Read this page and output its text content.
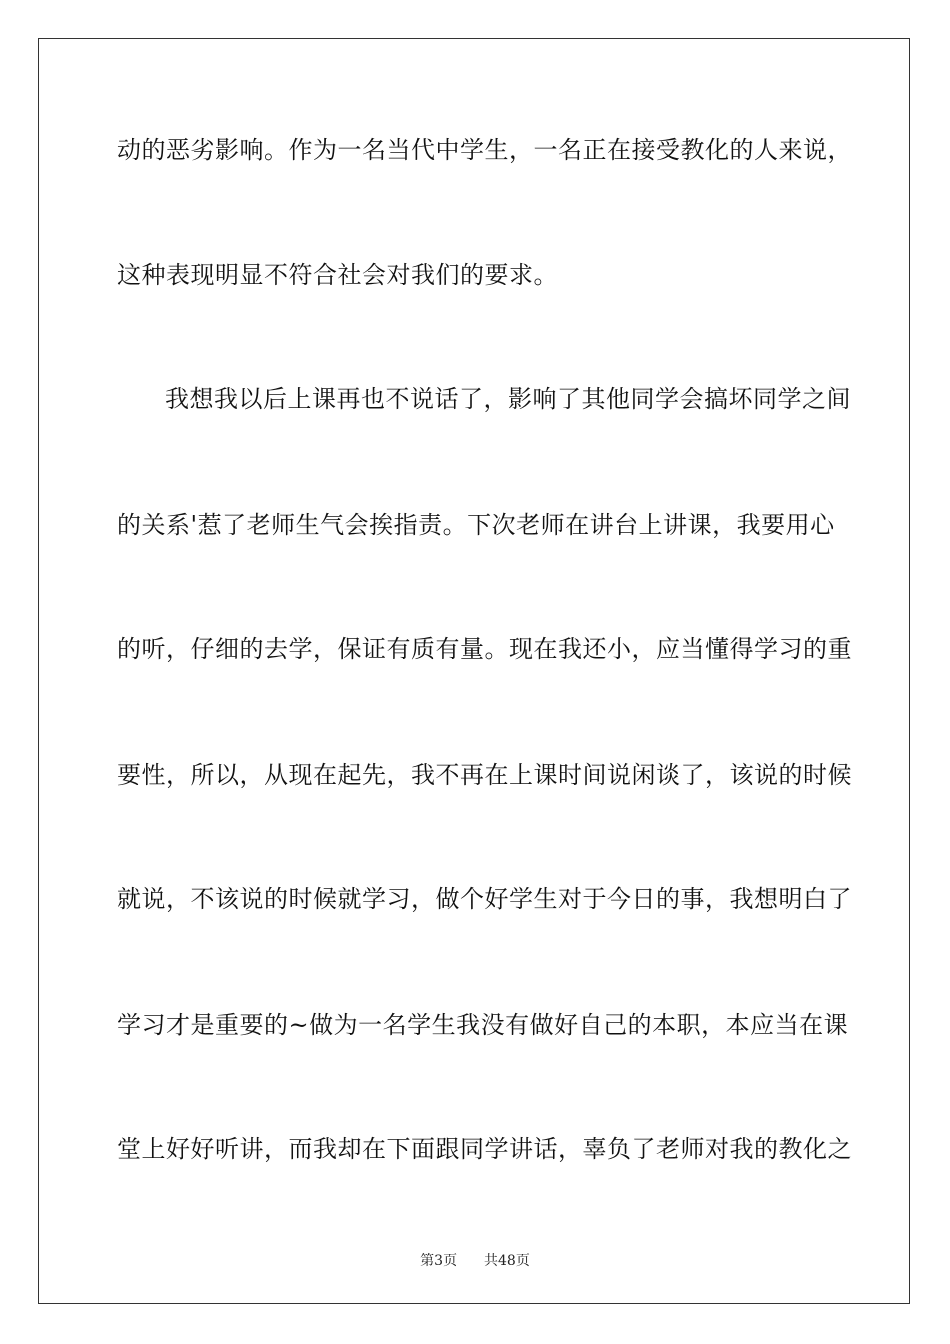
动的恶劣影响。作为一名当代中学生，一名正在接受教化的人来说，
这种表现明显不符合社会对我们的要求。
我想我以后上课再也不说话了，影响了其他同学会搞坏同学之间
的关系'惹了老师生气会挨指责。下次老师在讲台上讲课，我要用心
的听，仔细的去学，保证有质有量。现在我还小，应当懂得学习的重
要性，所以，从现在起先，我不再在上课时间说闲谈了，该说的时候
就说，不该说的时候就学习，做个好学生对于今日的事，我想明白了
学习才是重要的~做为一名学生我没有做好自己的本职，本应当在课
堂上好好听讲，而我却在下面跟同学讲话，辜负了老师对我的教化之
第3页 共48页
